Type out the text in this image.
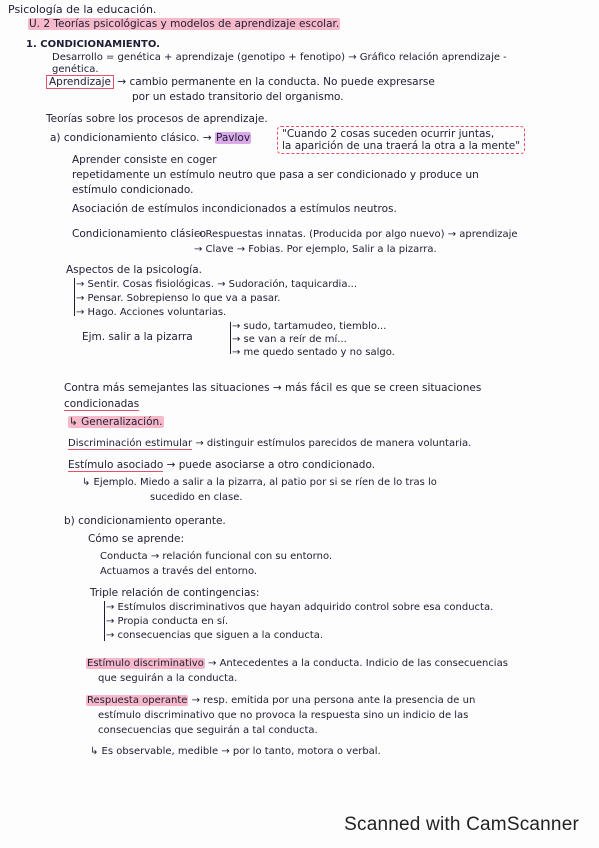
Psicología de la educación.
U. 2 Teorías psicológicas y modelos de aprendizaje escolar.
1. CONDICIONAMIENTO.
Desarrollo = genética + aprendizaje (genotipo + fenotipo) → Gráfico relación aprendizaje - genética.
Aprendizaje → cambio permanente en la conducta. No puede expresarse
por un estado transitorio del organismo.
Teorías sobre los procesos de aprendizaje.
a) condicionamiento clásico. → Pavlov	"Cuando 2 cosas suceden ocurrir juntas,
la aparición de una traerá la otra a la mente"
Aprender consiste en coger
repetidamente un estímulo neutro que pasa a ser condicionado y produce un
estímulo condicionado.
Asociación de estímulos incondicionados a estímulos neutros.
Condicionamiento clásico
→ Respuestas innatas. (Producida por algo nuevo) → aprendizaje
→ Clave → Fobias. Por ejemplo, Salir a la pizarra.
Aspectos de la psicología.
→ Sentir. Cosas fisiológicas. → Sudoración, taquicardia...
→ Pensar. Sobrepienso lo que va a pasar.
→ Hago. Acciones voluntarias.
Ejm. salir a la pizarra
→ sudo, tartamudeo, tiemblo...
→ se van a reír de mí...
→ me quedo sentado y no salgo.
Contra más semejantes las situaciones → más fácil es que se creen situaciones
condicionadas
↳ Generalización.
Discriminación estimular → distinguir estímulos parecidos de manera voluntaria.
Estímulo asociado → puede asociarse a otro condicionado.
↳ Ejemplo. Miedo a salir a la pizarra, al patio por si se ríen de lo tras lo
sucedido en clase.
b) condicionamiento operante.
Cómo se aprende:
Conducta → relación funcional con su entorno.
Actuamos a través del entorno.
Triple relación de contingencias:
→ Estímulos discriminativos que hayan adquirido control sobre esa conducta.
→ Propia conducta en sí.
→ consecuencias que siguen a la conducta.
Estímulo discriminativo → Antecedentes a la conducta. Indicio de las consecuencias
que seguirán a la conducta.
Respuesta operante → resp. emitida por una persona ante la presencia de un
estímulo discriminativo que no provoca la respuesta sino un indicio de las
consecuencias que seguirán a tal conducta.
↳ Es observable, medible → por lo tanto, motora o verbal.
Scanned with CamScanner
